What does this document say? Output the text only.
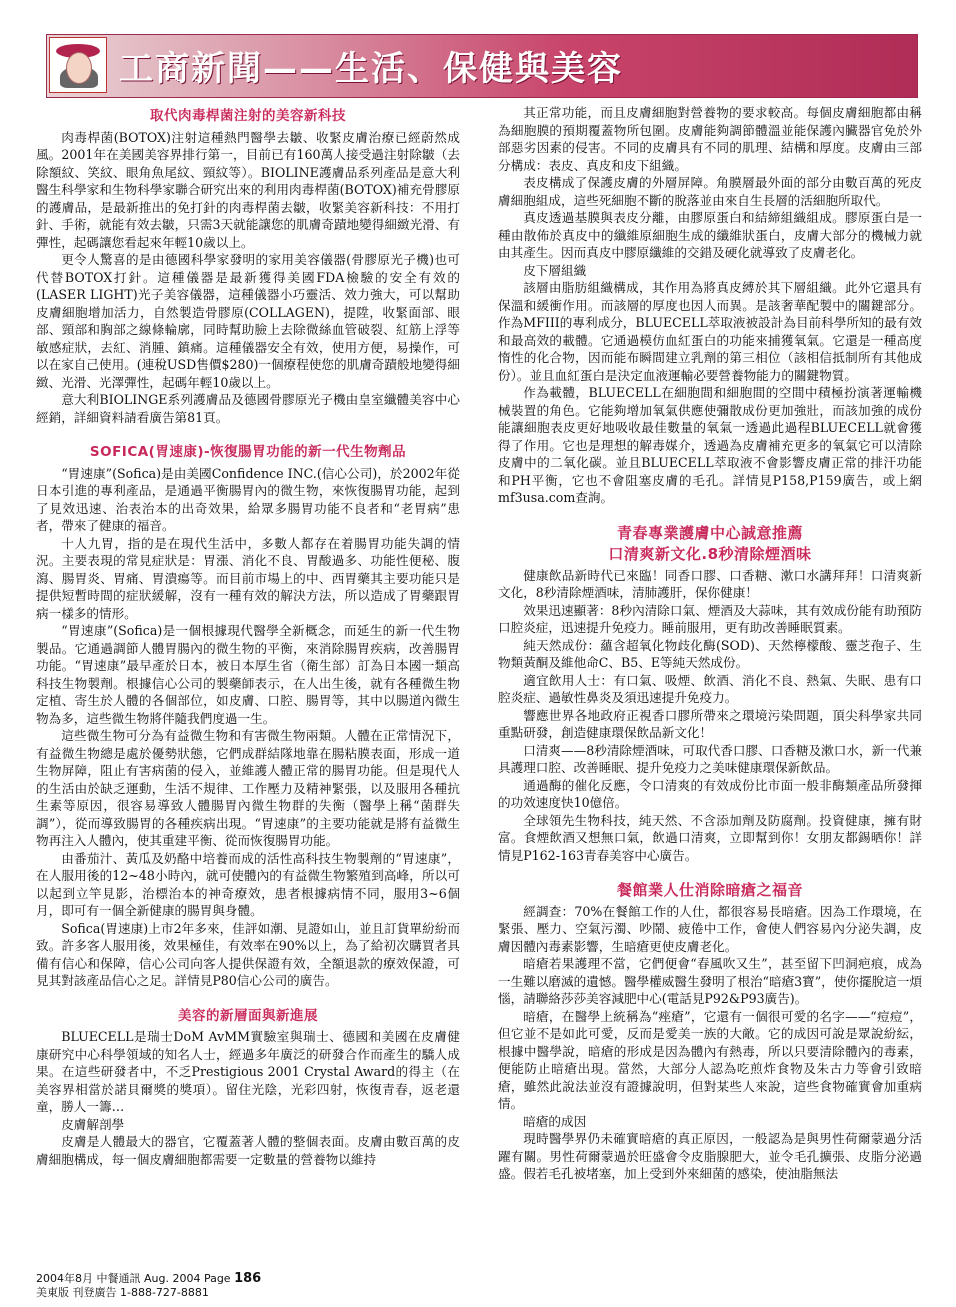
工商新聞——生活、保健與美容
取代肉毒桿菌注射的美容新科技

肉毒桿菌(BOTOX)注射這種熱門醫學去皺、收緊皮膚治療已經蔚然成風。2001年在美國美容界排行第一，目前已有160萬人接受過注射除皺（去除額紋、笑紋、眼角魚尾紋、頸紋等）。BIOLINE護膚品系列產品是意大利醫生科學家和生物科學家聯合研究出來的利用肉毒桿菌(BOTOX)補充骨膠原的護膚品，是最新推出的免打針的肉毒桿菌去皺，收緊美容新科技：不用打針、手術，就能有效去皺，只需3天就能讓您的肌膚奇蹟地變得細緻光滑、有彈性，起碼讓您看起來年輕10歲以上。

更令人驚喜的是由德國科學家發明的家用美容儀器(骨膠原光子機)也可代替BOTOX打針。這種儀器是最新獲得美國FDA檢驗的安全有效的(LASER LIGHT)光子美容儀器，這種儀器小巧靈活、效力強大，可以幫助皮膚細胞增加活力，自然製造骨膠原(COLLAGEN)，提陞，收緊面部、眼部、頸部和胸部之線條輪廓，同時幫助臉上去除微絲血管破裂、紅筋上浮等敏感症狀，去紅、消腫、鎮痛。這種儀器安全有效，使用方便，易操作，可以在家自己使用。(連稅USD售價$280)一個療程使您的肌膚奇蹟般地變得細緻、光滑、光澤彈性，起碼年輕10歲以上。

意大利BIOLINGE系列護膚品及德國骨膠原光子機由皇室纖體美容中心經銷，詳細資料請看廣告第81頁。

SOFICA(胃速康)-恢復腸胃功能的新一代生物劑品

“胃速康”(Sofica)是由美國Confidence INC.(信心公司)，於2002年從日本引進的專利產品，是通過平衡腸胃內的微生物，來恢復腸胃功能，起到了見效迅速、治表治本的出奇效果，給眾多腸胃功能不良者和“老胃病”患者，帶來了健康的福音。

十人九胃，指的是在現代生活中，多數人都存在着腸胃功能失調的情況。主要表現的常見症狀是：胃漲、消化不良、胃酸過多、功能性便秘、腹瀉、腸胃炎、胃痛、胃潰瘍等。而目前市場上的中、西胃藥其主要功能只是提供短暫時間的症狀緩解，沒有一種有效的解決方法，所以造成了胃藥跟胃病一樣多的情形。

“胃速康”(Sofica)是一個根據現代醫學全新概念，而延生的新一代生物製品。它通過調節人體胃腸內的微生物的平衡，來消除腸胃疾病，改善腸胃功能。“胃速康”最早產於日本，被日本厚生省（衛生部）訂為日本國一類高科技生物製劑。根據信心公司的製藥師表示，在人出生後，就有各種微生物定植、寄生於人體的各個部位，如皮膚、口腔、腸胃等，其中以腸道內微生物為多，這些微生物將伴隨我們度過一生。

這些微生物可分為有益微生物和有害微生物兩類。人體在正常情況下，有益微生物總是處於優勢狀態，它們成群結隊地靠在腸粘膜表面，形成一道生物屏障，阻止有害病菌的侵入，並維護人體正常的腸胃功能。但是現代人的生活由於缺乏運動，生活不規律、工作壓力及精神緊張，以及服用各種抗生素等原因，很容易導致人體腸胃內微生物群的失衡（醫學上稱“菌群失調”），從而導致腸胃的各種疾病出現。“胃速康”的主要功能就是將有益微生物再注入人體內，使其重建平衡、從而恢復腸胃功能。

由番茄汁、黃瓜及奶酪中培養而成的活性高科技生物製劑的“胃速康”，在人服用後的12~48小時內，就可使體內的有益微生物繁殖到高峰，所以可以起到立竿見影，治標治本的神奇療效，患者根據病情不同，服用3~6個月，即可有一個全新健康的腸胃與身體。

Sofica(胃速康)上市2年多來，佳評如潮、見證如山，並且訂貨單紛紛而致。許多客人服用後，效果極佳，有效率在90%以上，為了給初次購買者具備有信心和保障，信心公司向客人提供保證有效，全額退款的療效保證，可見其對該產品信心之足。詳情見P80信心公司的廣告。

美容的新層面與新進展

BLUECELL是瑞士DoM AvMM實驗室與瑞士、德國和美國在皮膚健康研究中心科學領域的知名人士，經過多年廣泛的研發合作而產生的驕人成果。在這些研發者中，不乏Prestigious 2001 Crystal Award的得主（在美容界相當於諾貝爾獎的獎項）。留住光陰，光彩四射，恢復青春，返老還童，勝人一籌…

皮膚解剖學

皮膚是人體最大的器官，它覆蓋著人體的整個表面。皮膚由數百萬的皮膚細胞構成，每一個皮膚細胞都需要一定數量的營養物以維持

其正常功能，而且皮膚細胞對營養物的要求較高。每個皮膚細胞都由稱為細胞膜的預期覆蓋物所包圍。皮膚能夠調節體溫並能保護內臟器官免於外部惡劣因素的侵害。不同的皮膚具有不同的肌理、結構和厚度。皮膚由三部分構成：表皮、真皮和皮下組織。

表皮構成了保護皮膚的外層屏障。角膜層最外面的部分由數百萬的死皮膚細胞組成，這些死細胞不斷的脫落並由來自生長層的活細胞所取代。

真皮透過基膜與表皮分離，由膠原蛋白和結締組織組成。膠原蛋白是一種由散佈於真皮中的纖維原細胞生成的纖維狀蛋白，皮膚大部分的機械力就由其產生。因而真皮中膠原纖維的交錯及硬化就導致了皮膚老化。

皮下層組織

該層由脂肪組織構成，其作用為將真皮縛於其下層組織。此外它還具有保溫和緩衝作用。而該層的厚度也因人而異。是該奢華配製中的關鍵部分。作為MFIII的專利成分，BLUECELL萃取液被設計為目前科學所知的最有效和最高效的載體。它通過模仿血紅蛋白的功能來捕獲氧氣。它還是一種高度惰性的化合物，因而能布瞬間建立乳劑的第三相位（該相信抵制所有其他成份）。並且血紅蛋白是決定血液運輸必要營養物能力的關鍵物質。

作為載體，BLUECELL在細胞間和細胞間的空間中積極扮演著運輸機械裝置的角色。它能夠增加氧氣供應使彌散成份更加強壯，而該加強的成份能讓細胞表皮更好地吸收最佳數量的氧氣一透過此過程BLUECELL就會獲得了作用。它也是理想的解毒媒介，透過為皮膚補充更多的氧氣它可以清除皮膚中的二氧化碳。並且BLUECELL萃取液不會影響皮膚正常的排汗功能和PH平衡，它也不會阻塞皮膚的毛孔。詳情見P158,P159廣告，或上網mf3usa.com查詢。

青春專業護膚中心誠意推薦
口清爽新文化.8秒清除煙酒味

健康飲品新時代已來臨！同香口膠、口香糖、漱口水講拜拜！口清爽新文化，8秒清除煙酒味，清肺護肝，保你健康！

效果迅速顯著：8秒內清除口氣、煙酒及大蒜味，其有效成份能有助預防口腔炎症，迅速提升免疫力。睡前服用，更有助改善睡眠質素。

純天然成份：蘊含超氧化物歧化酶(SOD)、天然檸檬酸、靈芝孢子、生物類黃酮及維他命C、B5、E等純天然成份。

適宜飲用人士：有口氣、吸煙、飲酒、消化不良、熱氣、失眠、患有口腔炎症、過敏性鼻炎及須迅速提升免疫力。

響應世界各地政府正視香口膠所帶來之環境污染問題，頂尖科學家共同重點研發，創造健康環保飲品新文化！

口清爽——8秒清除煙酒味，可取代香口膠、口香糖及漱口水，新一代兼具護理口腔、改善睡眠、提升免疫力之美味健康環保新飲品。

通過酶的催化反應，令口清爽的有效成份比市面一般非酶類產品所發揮的功效速度快10億倍。

全球領先生物科技，純天然、不含添加劑及防腐劑。投資健康，擁有財富。食煙飲酒又想無口氣，飲過口清爽，立即幫到你！女朋友都錫晒你！詳情見P162-163青春美容中心廣告。

餐館業人仕消除暗瘡之福音

經調查：70%在餐館工作的人仕，都很容易長暗瘡。因為工作環境，在緊張、壓力、空氣污濁、吵鬧、疲倦中工作，會使人們容易內分泌失調，皮膚因體內毒素影響，生暗瘡更使皮膚老化。

暗瘡若果護理不當，它們便會“春風吹又生”，甚至留下凹洞疤痕，成為一生難以磨滅的遺憾。醫學權威醫生發明了根治“暗瘡3寶”，使你擺脫這一煩惱，請聯絡莎莎美容減肥中心(電話見P92&P93廣告)。

暗瘡，在醫學上統稱為“痤瘡”，它還有一個很可愛的名字——“痘痘”，但它並不是如此可愛，反而是愛美一族的大敵。它的成因可說是眾說紛紜，根據中醫學說，暗瘡的形成是因為體內有熱毒，所以只要清除體內的毒素，便能防止暗瘡出現。當然，大部分人認為吃煎炸食物及朱古力等會引致暗瘡，雖然此說法並沒有證據說明，但對某些人來說，這些食物確實會加重病情。

暗瘡的成因

現時醫學界仍未確實暗瘡的真正原因，一般認為是與男性荷爾蒙過分活躍有關。男性荷爾蒙過於旺盛會令皮脂腺肥大，並令毛孔擴張、皮脂分泌過盛。假若毛孔被堵塞，加上受到外來細菌的感染，使油脂無法

2004年8月 中餐通訊 Aug. 2004 Page 186
美東版 刊登廣告 1-888-727-8881
